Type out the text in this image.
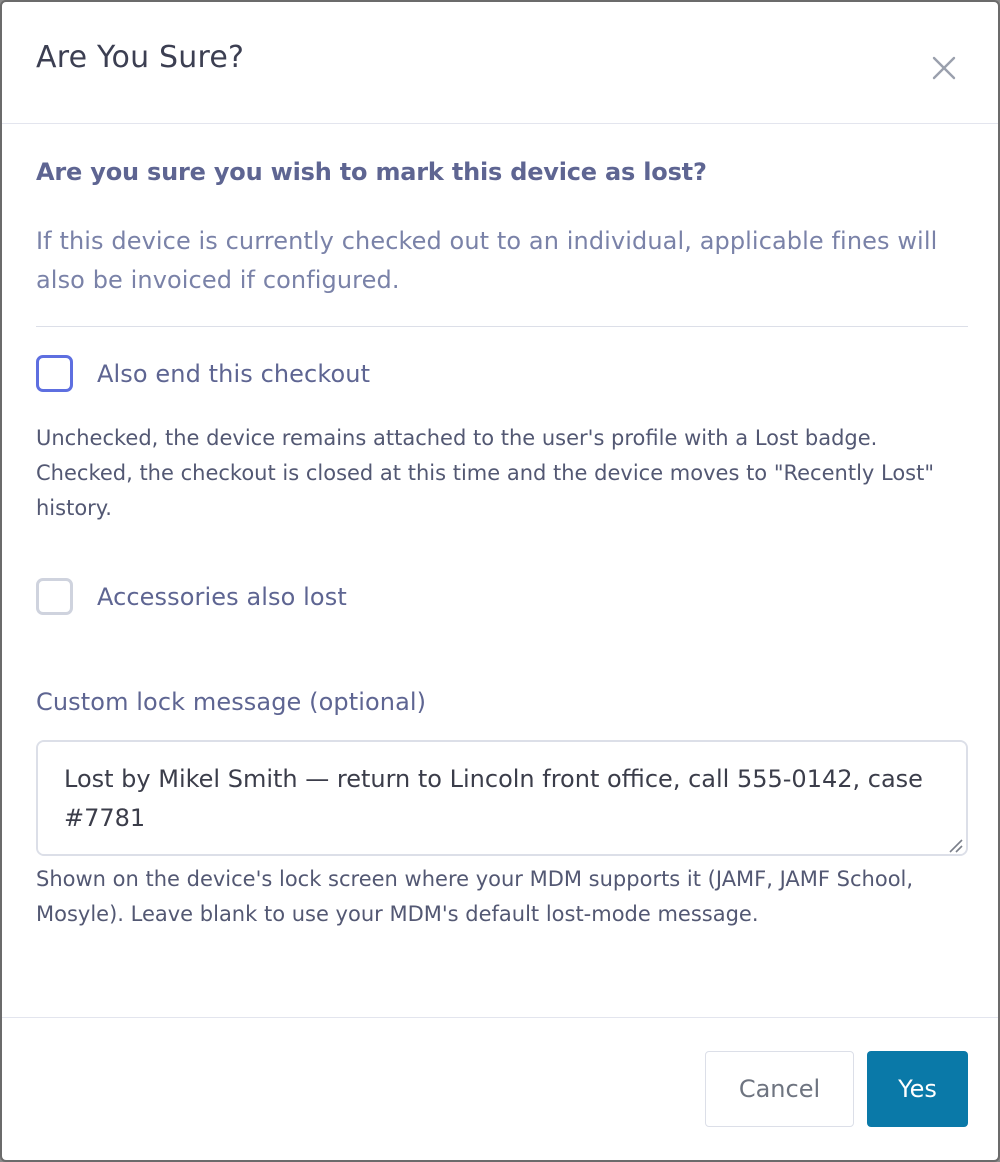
Are You Sure?

Are you sure you wish to mark this device as lost?

If this device is currently checked out to an individual, applicable fines will also be invoiced if configured.

Also end this checkout

Unchecked, the device remains attached to the user's profile with a Lost badge. Checked, the checkout is closed at this time and the device moves to "Recently Lost" history.

Accessories also lost

Custom lock message (optional)

Lost by Mikel Smith — return to Lincoln front office, call 555-0142, case #7781

Shown on the device's lock screen where your MDM supports it (JAMF, JAMF School, Mosyle). Leave blank to use your MDM's default lost-mode message.

Cancel	Yes
